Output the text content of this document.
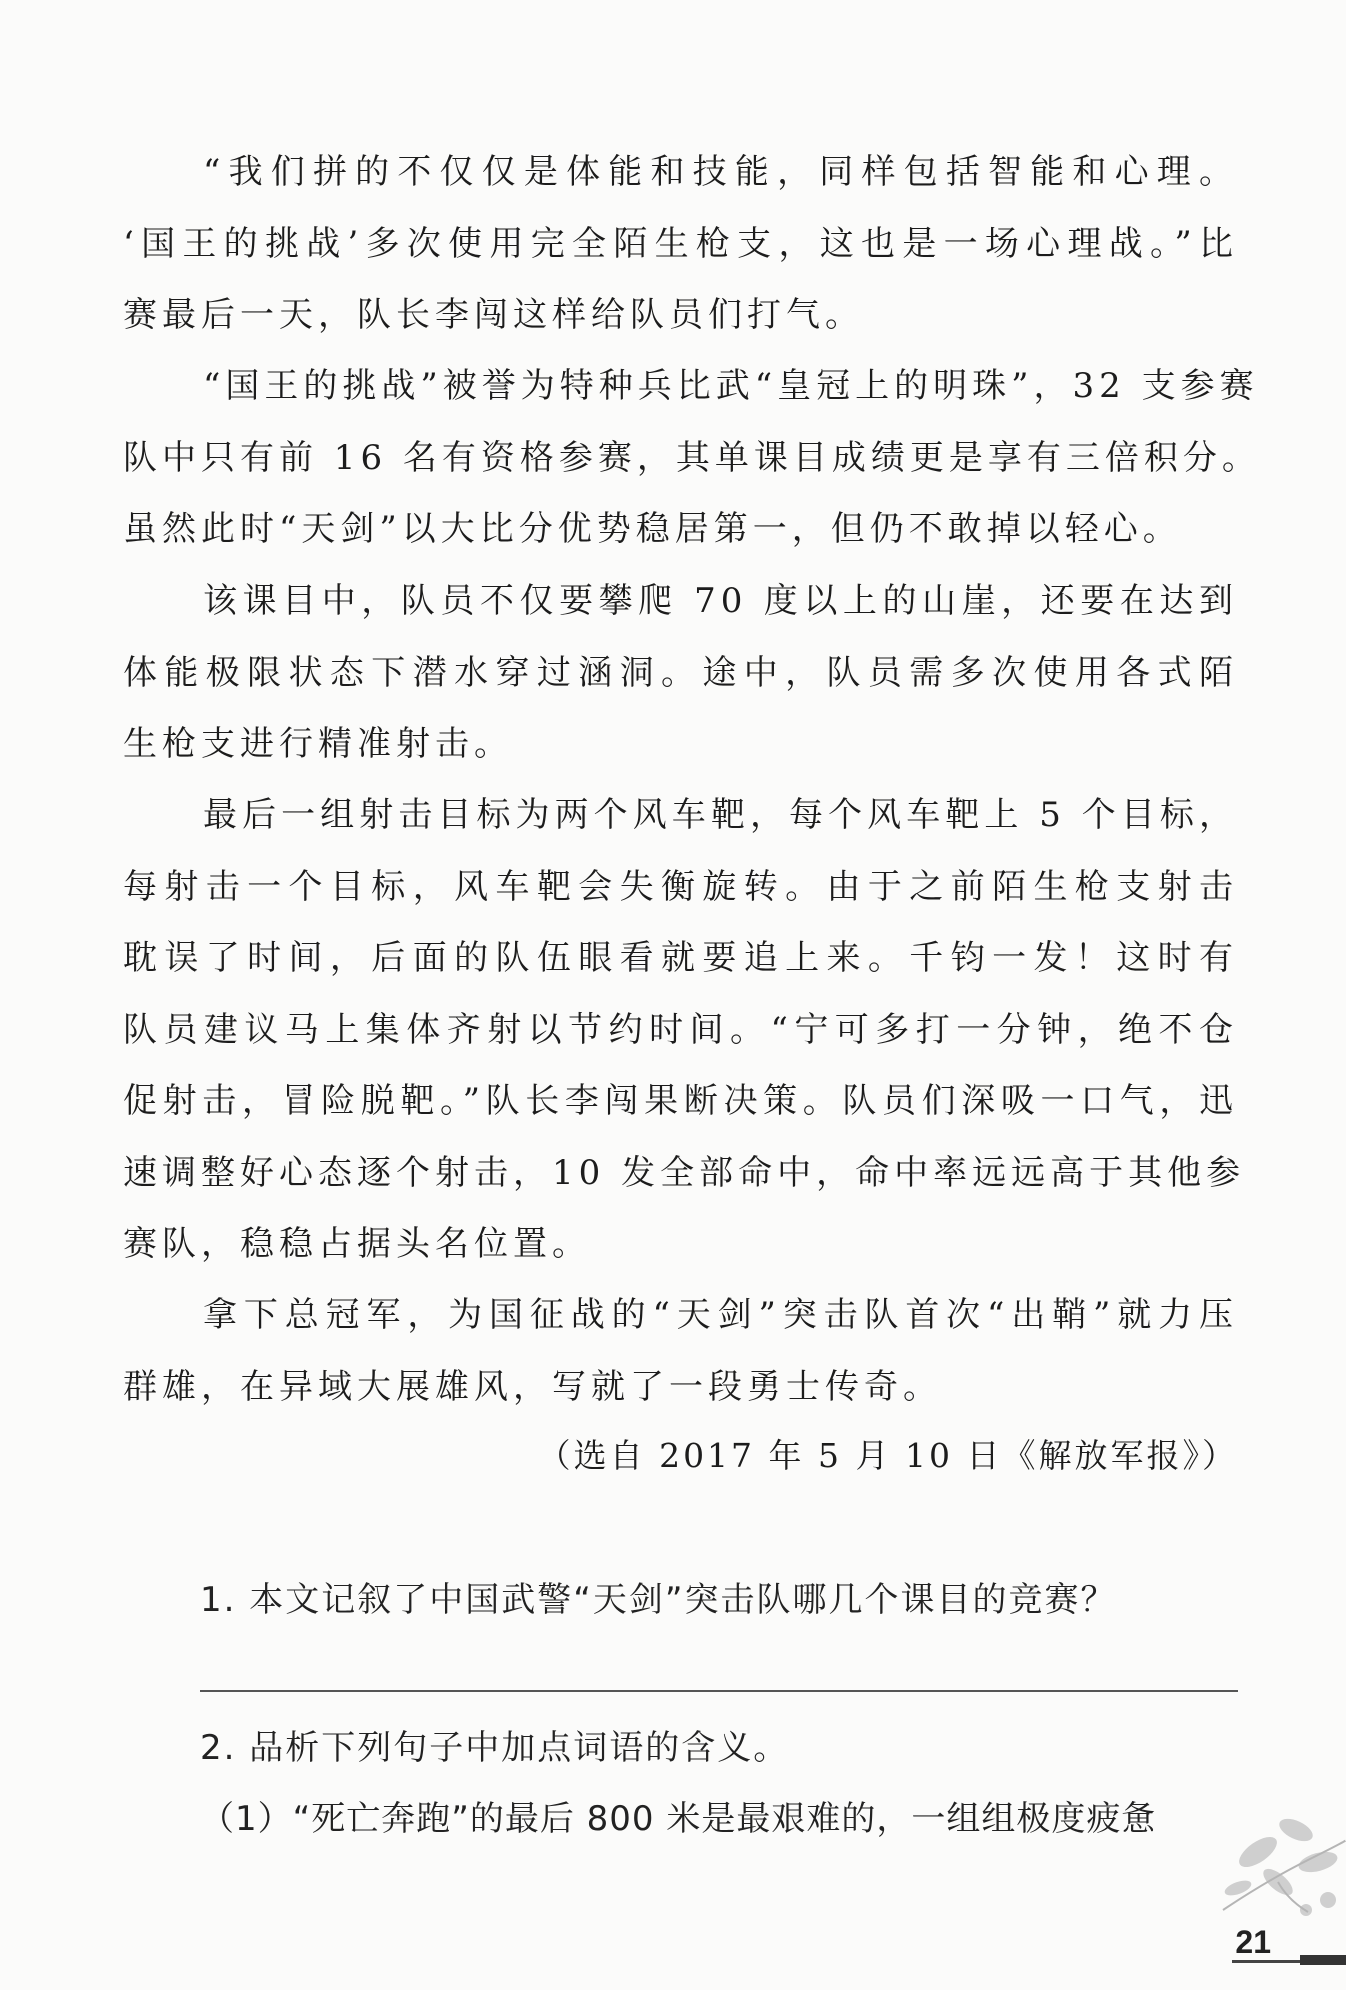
“我们拼的不仅仅是体能和技能，同样包括智能和心理。
‘国王的挑战’多次使用完全陌生枪支，这也是一场心理战。”比
赛最后一天，队长李闯这样给队员们打气。
“国王的挑战”被誉为特种兵比武“皇冠上的明珠”，32 支参赛
队中只有前 16 名有资格参赛，其单课目成绩更是享有三倍积分。
虽然此时“天剑”以大比分优势稳居第一，但仍不敢掉以轻心。
该课目中，队员不仅要攀爬 70 度以上的山崖，还要在达到
体能极限状态下潜水穿过涵洞。途中，队员需多次使用各式陌
生枪支进行精准射击。
最后一组射击目标为两个风车靶，每个风车靶上 5 个目标，
每射击一个目标，风车靶会失衡旋转。由于之前陌生枪支射击
耽误了时间，后面的队伍眼看就要追上来。千钧一发！这时有
队员建议马上集体齐射以节约时间。“宁可多打一分钟，绝不仓
促射击，冒险脱靶。”队长李闯果断决策。队员们深吸一口气，迅
速调整好心态逐个射击，10 发全部命中，命中率远远高于其他参
赛队，稳稳占据头名位置。
拿下总冠军，为国征战的“天剑”突击队首次“出鞘”就力压
群雄，在异域大展雄风，写就了一段勇士传奇。
（选自 2017 年 5 月 10 日《解放军报》）
1. 本文记叙了中国武警“天剑”突击队哪几个课目的竞赛？
2. 品析下列句子中加点词语的含义。
（1）“死亡奔跑”的最后 800 米是最艰难的，一组组极度疲惫
21
